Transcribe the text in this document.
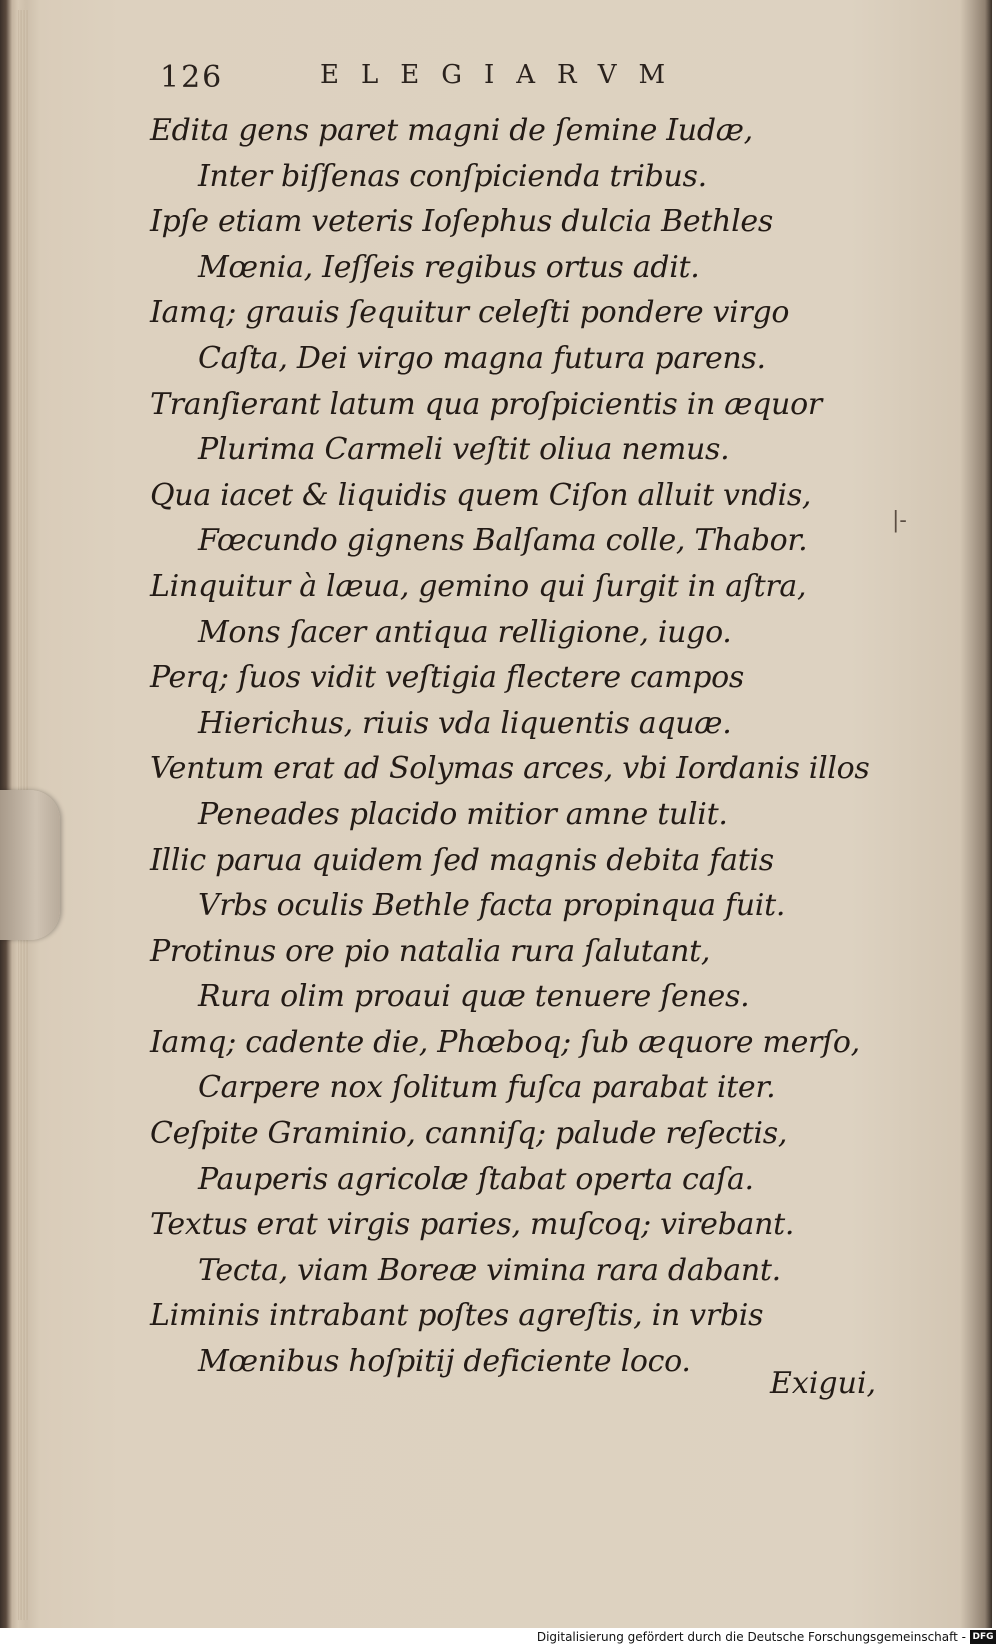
126	ELEGIARVM
Edita gens paret magni de ſemine Iudæ,
Inter biſſenas conſpicienda tribus.
Ipſe etiam veteris Ioſephus dulcia Bethles
Mœnia, Ieſſeis regibus ortus adit.
Iamq; grauis ſequitur celeſti pondere virgo
Caſta, Dei virgo magna futura parens.
Tranſierant latum qua proſpicientis in æquor
Plurima Carmeli veſtit oliua nemus.
Qua iacet & liquidis quem Ciſon alluit vndis,
Fœcundo gignens Balſama colle, Thabor.
Linquitur à læua, gemino qui ſurgit in aſtra,
Mons ſacer antiqua relligione, iugo.
Perq; ſuos vidit veſtigia flectere campos
Hierichus, riuis vda liquentis aquæ.
Ventum erat ad Solymas arces, vbi Iordanis illos
Peneades placido mitior amne tulit.
Illic parua quidem ſed magnis debita fatis
Vrbs oculis Bethle facta propinqua fuit.
Protinus ore pio natalia rura ſalutant,
Rura olim proaui quæ tenuere ſenes.
Iamq; cadente die, Phœboq; ſub æquore merſo,
Carpere nox ſolitum fuſca parabat iter.
Ceſpite Graminio, canniſq; palude reſectis,
Pauperis agricolæ ſtabat operta caſa.
Textus erat virgis paries, muſcoq; virebant.
Tecta, viam Boreæ vimina rara dabant.
Liminis intrabant poſtes agreſtis, in vrbis
Mœnibus hoſpitij deficiente loco.
Exigui,
|-
Digitalisierung gefördert durch die Deutsche Forschungsgemeinschaft - DFG
